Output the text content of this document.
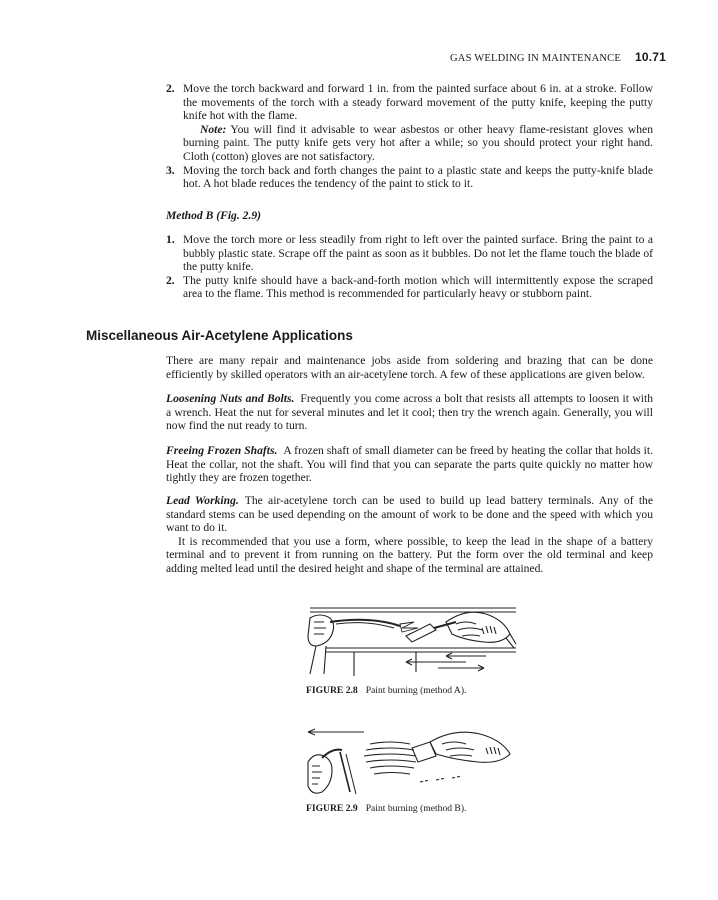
GAS WELDING IN MAINTENANCE 10.71
2. Move the torch backward and forward 1 in. from the painted surface about 6 in. at a stroke. Follow the movements of the torch with a steady forward movement of the putty knife, keeping the putty knife hot with the flame.
Note: You will find it advisable to wear asbestos or other heavy flame-resistant gloves when burning paint. The putty knife gets very hot after a while; so you should protect your right hand. Cloth (cotton) gloves are not satisfactory.
3. Moving the torch back and forth changes the paint to a plastic state and keeps the putty-knife blade hot. A hot blade reduces the tendency of the paint to stick to it.
Method B (Fig. 2.9)
1. Move the torch more or less steadily from right to left over the painted surface. Bring the paint to a bubbly plastic state. Scrape off the paint as soon as it bubbles. Do not let the flame touch the blade of the putty knife.
2. The putty knife should have a back-and-forth motion which will intermittently expose the scraped area to the flame. This method is recommended for particularly heavy or stubborn paint.
Miscellaneous Air-Acetylene Applications
There are many repair and maintenance jobs aside from soldering and brazing that can be done efficiently by skilled operators with an air-acetylene torch. A few of these applications are given below.
Loosening Nuts and Bolts. Frequently you come across a bolt that resists all attempts to loosen it with a wrench. Heat the nut for several minutes and let it cool; then try the wrench again. Generally, you will now find the nut ready to turn.
Freeing Frozen Shafts. A frozen shaft of small diameter can be freed by heating the collar that holds it. Heat the collar, not the shaft. You will find that you can separate the parts quite quickly no matter how tightly they are frozen together.
Lead Working. The air-acetylene torch can be used to build up lead battery terminals. Any of the standard stems can be used depending on the amount of work to be done and the speed with which you want to do it.
It is recommended that you use a form, where possible, to keep the lead in the shape of a battery terminal and to prevent it from running on the battery. Put the form over the old terminal and keep adding melted lead until the desired height and shape of the terminal are attained.
FIGURE 2.8 Paint burning (method A).
FIGURE 2.9 Paint burning (method B).
